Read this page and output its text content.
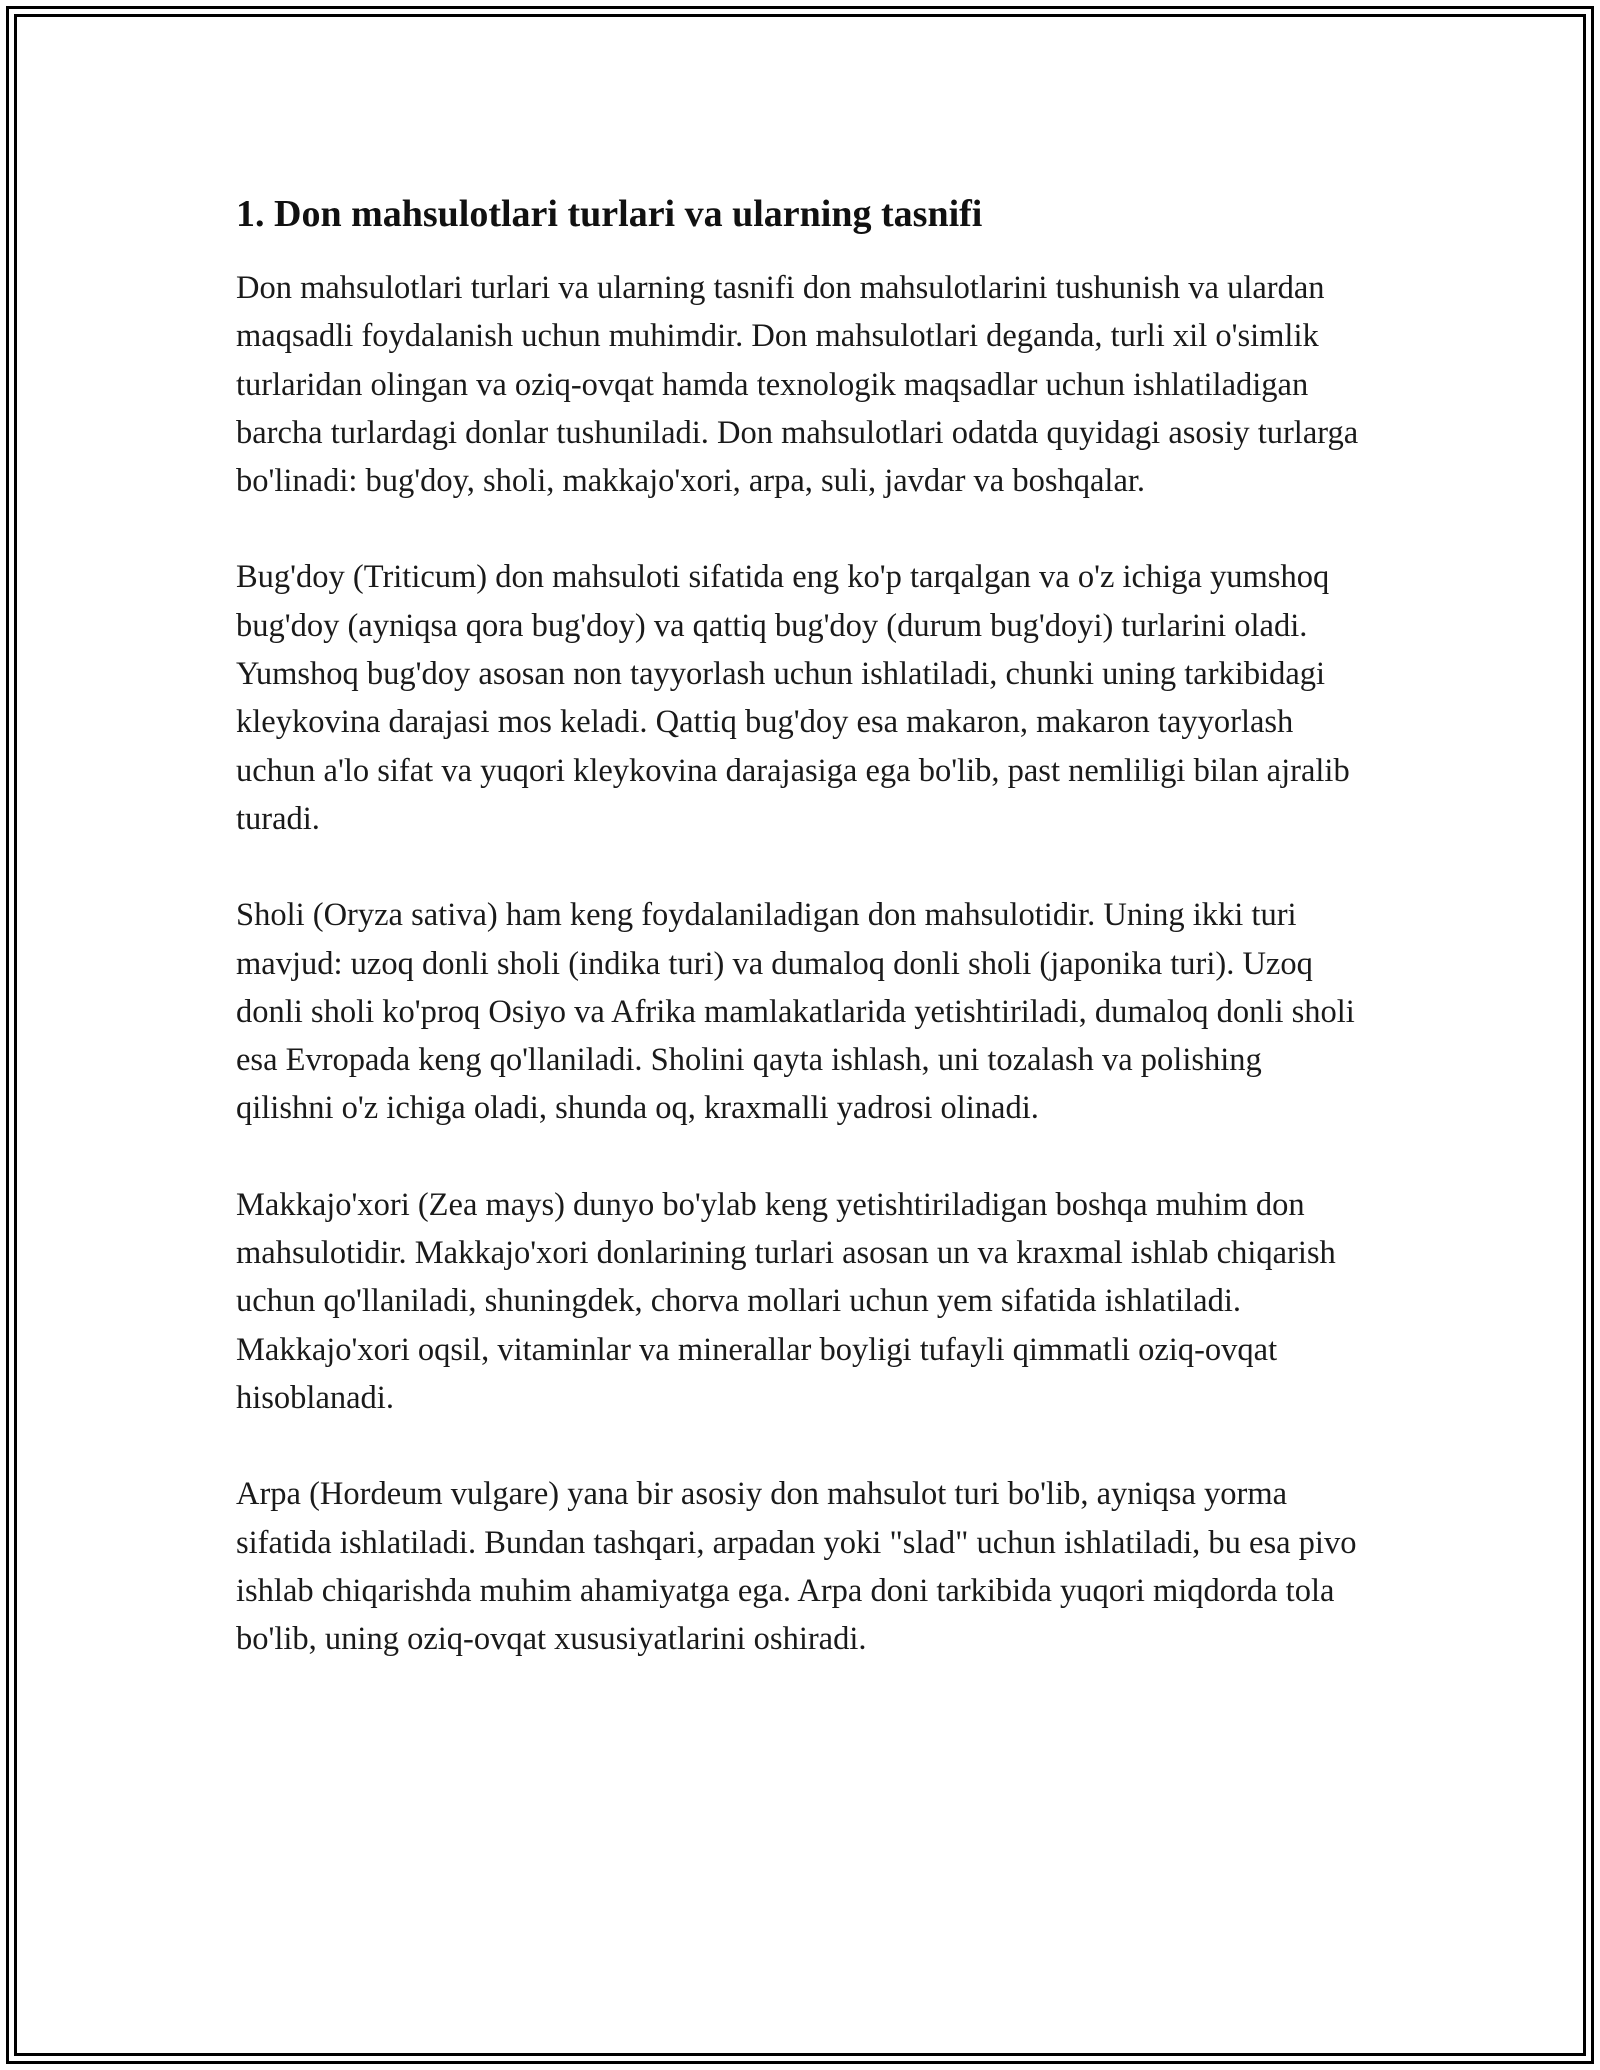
1. Don mahsulotlari turlari va ularning tasnifi

Don mahsulotlari turlari va ularning tasnifi don mahsulotlarini tushunish va ulardan maqsadli foydalanish uchun muhimdir. Don mahsulotlari deganda, turli xil o'simlik turlaridan olingan va oziq-ovqat hamda texnologik maqsadlar uchun ishlatiladigan barcha turlardagi donlar tushuniladi. Don mahsulotlari odatda quyidagi asosiy turlarga bo'linadi: bug'doy, sholi, makkajo'xori, arpa, suli, javdar va boshqalar.

Bug'doy (Triticum) don mahsuloti sifatida eng ko'p tarqalgan va o'z ichiga yumshoq bug'doy (ayniqsa qora bug'doy) va qattiq bug'doy (durum bug'doyi) turlarini oladi. Yumshoq bug'doy asosan non tayyorlash uchun ishlatiladi, chunki uning tarkibidagi kleykovina darajasi mos keladi. Qattiq bug'doy esa makaron, makaron tayyorlash uchun a'lo sifat va yuqori kleykovina darajasiga ega bo'lib, past nemliligi bilan ajralib turadi.

Sholi (Oryza sativa) ham keng foydalaniladigan don mahsulotidir. Uning ikki turi mavjud: uzoq donli sholi (indika turi) va dumaloq donli sholi (japonika turi). Uzoq donli sholi ko'proq Osiyo va Afrika mamlakatlarida yetishtiriladi, dumaloq donli sholi esa Evropada keng qo'llaniladi. Sholini qayta ishlash, uni tozalash va polishing qilishni o'z ichiga oladi, shunda oq, kraxmalli yadrosi olinadi.

Makkajo'xori (Zea mays) dunyo bo'ylab keng yetishtiriladigan boshqa muhim don mahsulotidir. Makkajo'xori donlarining turlari asosan un va kraxmal ishlab chiqarish uchun qo'llaniladi, shuningdek, chorva mollari uchun yem sifatida ishlatiladi. Makkajo'xori oqsil, vitaminlar va minerallar boyligi tufayli qimmatli oziq-ovqat hisoblanadi.

Arpa (Hordeum vulgare) yana bir asosiy don mahsulot turi bo'lib, ayniqsa yorma sifatida ishlatiladi. Bundan tashqari, arpadan yoki "slad" uchun ishlatiladi, bu esa pivo ishlab chiqarishda muhim ahamiyatga ega. Arpa doni tarkibida yuqori miqdorda tola bo'lib, uning oziq-ovqat xususiyatlarini oshiradi.
